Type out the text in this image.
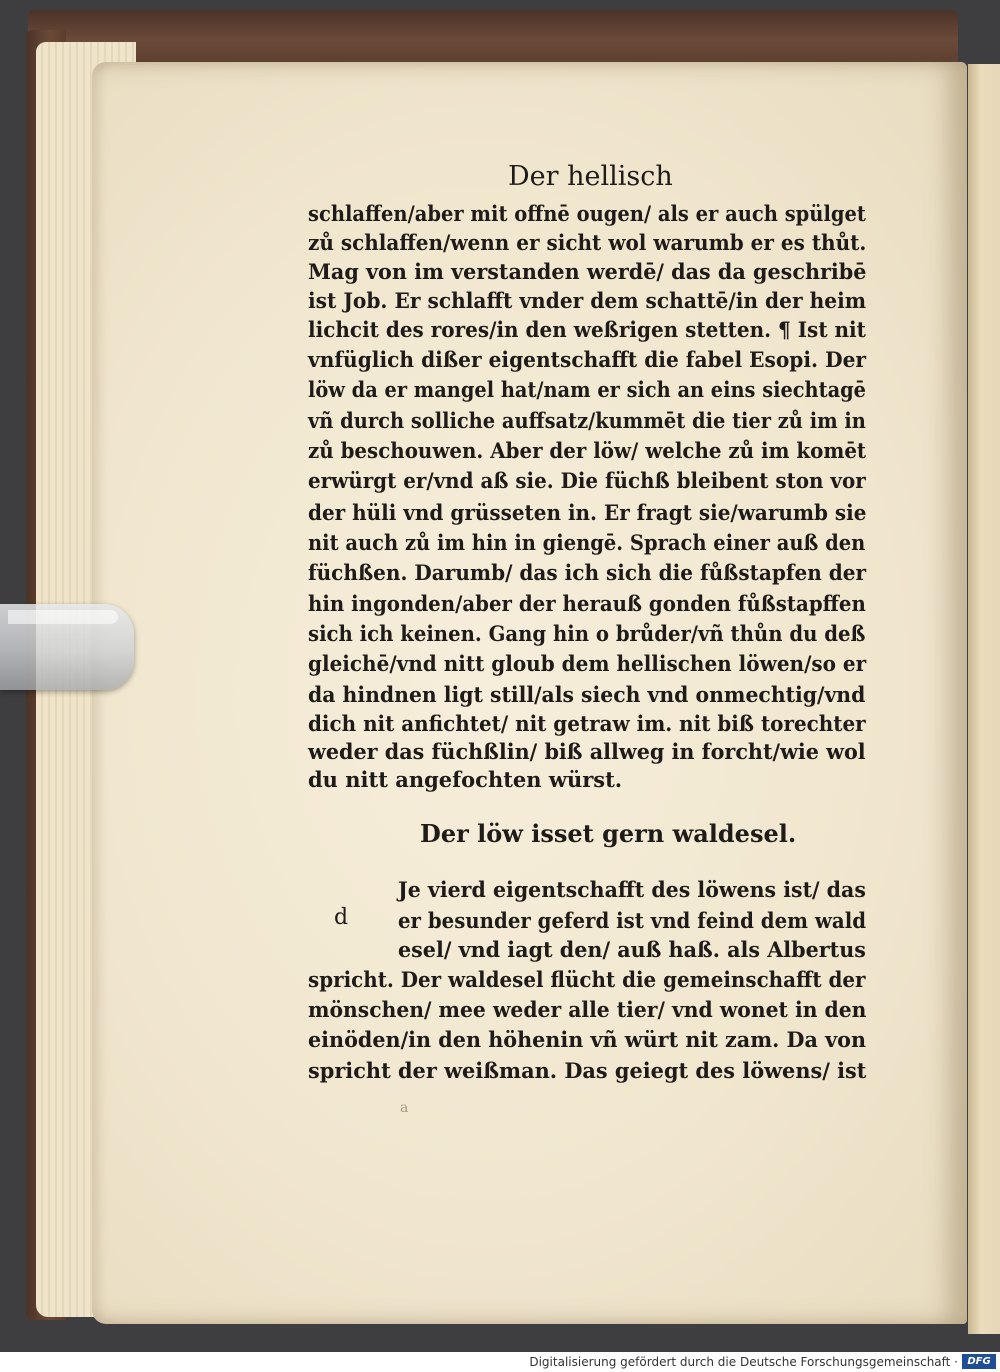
Der hellisch
schlaffen/aber mit offnē ougen/ als er auch spülget
zů schlaffen/wenn er sicht wol warumb er es thůt.
Mag von im verstanden werdē/ das da geschribē
ist Job. Er schlafft vnder dem schattē/in der heim
lichcit des rores/in den weßrigen stetten. ¶ Ist nit
vnfüglich dißer eigentschafft die fabel Esopi. Der
löw da er mangel hat/nam er sich an eins siechtagē
vñ durch solliche auffsatz/kummēt die tier zů im in
zů beschouwen. Aber der löw/ welche zů im komēt
erwürgt er/vnd aß sie. Die füchß bleibent ston vor
der hüli vnd grüsseten in. Er fragt sie/warumb sie
nit auch zů im hin in giengē. Sprach einer auß den
füchßen. Darumb/ das ich sich die fůßstapfen der
hin ingonden/aber der herauß gonden fůßstapffen
sich ich keinen. Gang hin o brůder/vñ thůn du deß
gleichē/vnd nitt gloub dem hellischen löwen/so er
da hindnen ligt still/als siech vnd onmechtig/vnd
dich nit anfichtet/ nit getraw im. nit biß torechter
weder das füchßlin/ biß allweg in forcht/wie wol
du nitt angefochten würst.
Der löw isset gern waldesel.
d
Je vierd eigentschafft des löwens ist/ das
er besunder geferd ist vnd feind dem wald
esel/ vnd iagt den/ auß haß. als Albertus
spricht. Der waldesel flücht die gemeinschafft der
mönschen/ mee weder alle tier/ vnd wonet in den
einöden/in den höhenin vñ würt nit zam. Da von
spricht der weißman. Das geiegt des löwens/ ist
a
Digitalisierung gefördert durch die Deutsche Forschungsgemeinschaft · DFG
